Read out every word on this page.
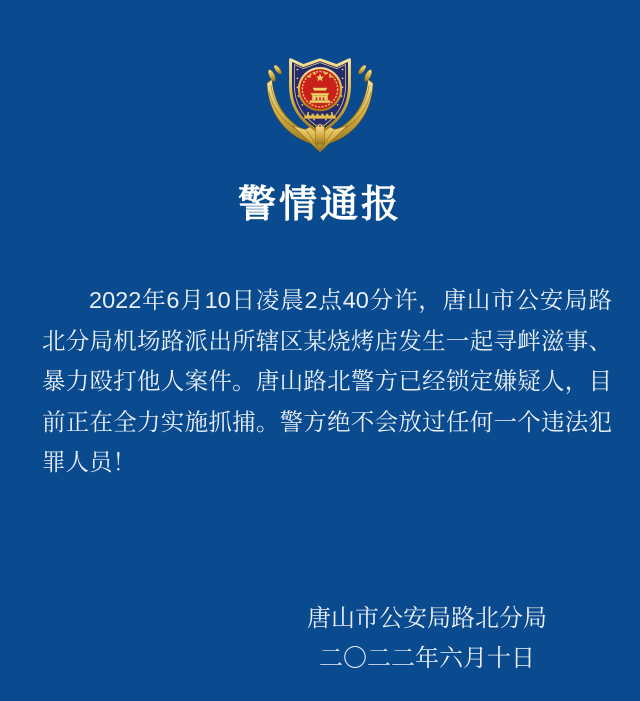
警情通报
2022年6月10日凌晨2点40分许，唐山市公安局路北分局机场路派出所辖区某烧烤店发生一起寻衅滋事、暴力殴打他人案件。唐山路北警方已经锁定嫌疑人，目前正在全力实施抓捕。警方绝不会放过任何一个违法犯罪人员！
唐山市公安局路北分局
二〇二二年六月十日
